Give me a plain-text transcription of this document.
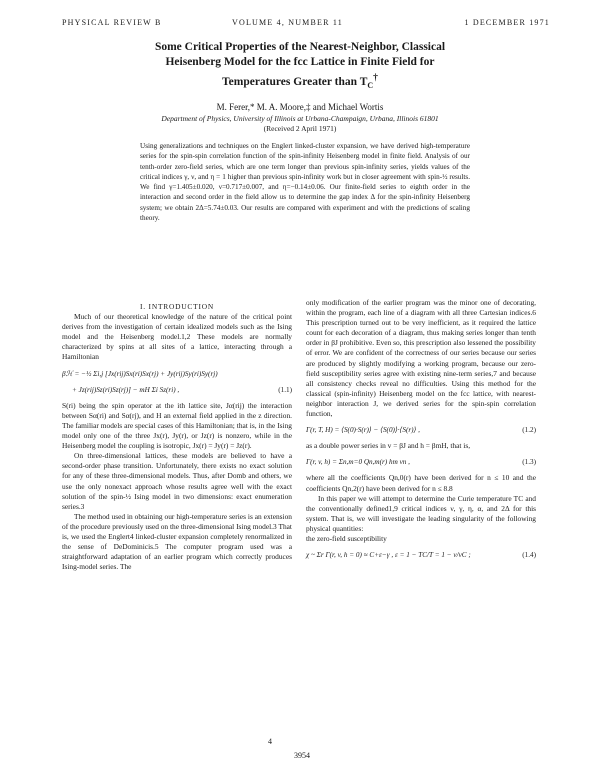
PHYSICAL REVIEW B	VOLUME 4, NUMBER 11	1 DECEMBER 1971
Some Critical Properties of the Nearest-Neighbor, Classical
Heisenberg Model for the fcc Lattice in Finite Field for
Temperatures Greater than $T_C^\dagger$
M. Ferer,* M. A. Moore,‡ and Michael Wortis
Department of Physics, University of Illinois at Urbana-Champaign, Urbana, Illinois 61801
(Received 2 April 1971)
Using generalizations and techniques on the Englert linked-cluster expansion, we have derived high-temperature series for the spin-spin correlation function of the spin-infinity Heisenberg model in finite field. Analysis of our tenth-order zero-field series, which are one term longer than previous spin-infinity series, yields values of the critical indices γ, ν, and η = 1 higher than previous spin-infinity work but in closer agreement with spin-½ results. We find γ=1.405±0.020, ν=0.717±0.007, and η=−0.14±0.06. Our finite-field series to eighth order in the interaction and second order in the field allow us to determine the gap index Δ for the spin-infinity Heisenberg system; we obtain 2Δ=5.74±0.03. Our results are compared with experiment and with the predictions of scaling theory.

I. INTRODUCTION

Much of our theoretical knowledge of the nature of the critical point derives from the investigation of certain idealized models such as the Ising model and the Heisenberg model.1,2 These models are normally characterized by spins at all sites of a lattice, interacting through a Hamiltonian

βℋ = −½ Σi,j [Jx(rij)Sx(ri)Sx(rj) + Jy(rij)Sy(ri)Sy(rj)
+ Jz(rij)Sz(ri)Sz(rj)] − mH Σi Sz(ri) ,	(1.1)

S(ri) being the spin operator at the ith lattice site, Jα(rij) the interaction between Sα(ri) and Sα(rj), and H an external field applied in the z direction. The familiar models are special cases of this Hamiltonian; that is, in the Ising model only one of the three Jx(r), Jy(r), or Jz(r) is nonzero, while in the Heisenberg model the coupling is isotropic, Jx(r) = Jy(r) = Jz(r).

On three-dimensional lattices, these models are believed to have a second-order phase transition. Unfortunately, there exists no exact solution for any of these three-dimensional models. Thus, after Domb and others, we use the only nonexact approach whose results agree well with the exact solution of the spin-½ Ising model in two dimensions: exact enumeration series.3

The method used in obtaining our high-temperature series is an extension of the procedure previously used on the three-dimensional Ising model.3 That is, we used the Englert4 linked-cluster expansion completely renormalized in the sense of DeDominicis.5 The computer program used was a straightforward adaptation of an earlier program which correctly produces Ising-model series. The

only modification of the earlier program was the minor one of decorating, within the program, each line of a diagram with all three Cartesian indices.6 This prescription turned out to be very inefficient, as it required the lattice count for each decoration of a diagram, thus making series longer than tenth order in βJ prohibitive. Even so, this prescription also lessened the possibility of error. We are confident of the correctness of our series because our series are produced by slightly modifying a working program, because our zero-field susceptibility series agree with existing nine-term series,7 and because all consistency checks reveal no difficulties. Using this method for the classical (spin-infinity) Heisenberg model on the fcc lattice, with nearest-neighbor interaction J, we derived series for the spin-spin correlation function,

Γ(r, T, H) = ⟨S(0)·S(r)⟩ − ⟨S(0)⟩·⟨S(r)⟩ ,	(1.2)

as a double power series in v = βJ and h = βmH, that is,

Γ(r, v, h) = Σn,m=0 Qn,m(r) hm vn ,	(1.3)

where all the coefficients Qn,0(r) have been derived for n ≤ 10 and the coefficients Qn,2(r) have been derived for n ≤ 8.8

In this paper we will attempt to determine the Curie temperature TC and the conventionally defined1,9 critical indices ν, γ, η, α, and 2Δ for this system. That is, we will investigate the leading singularity of the following physical quantities:

the zero-field susceptibility

χ ~ Σr Γ(r, v, h = 0) ≈ C+ε−γ , ε = 1 − TC/T = 1 − v/vC ;	(1.4)
4
3954
